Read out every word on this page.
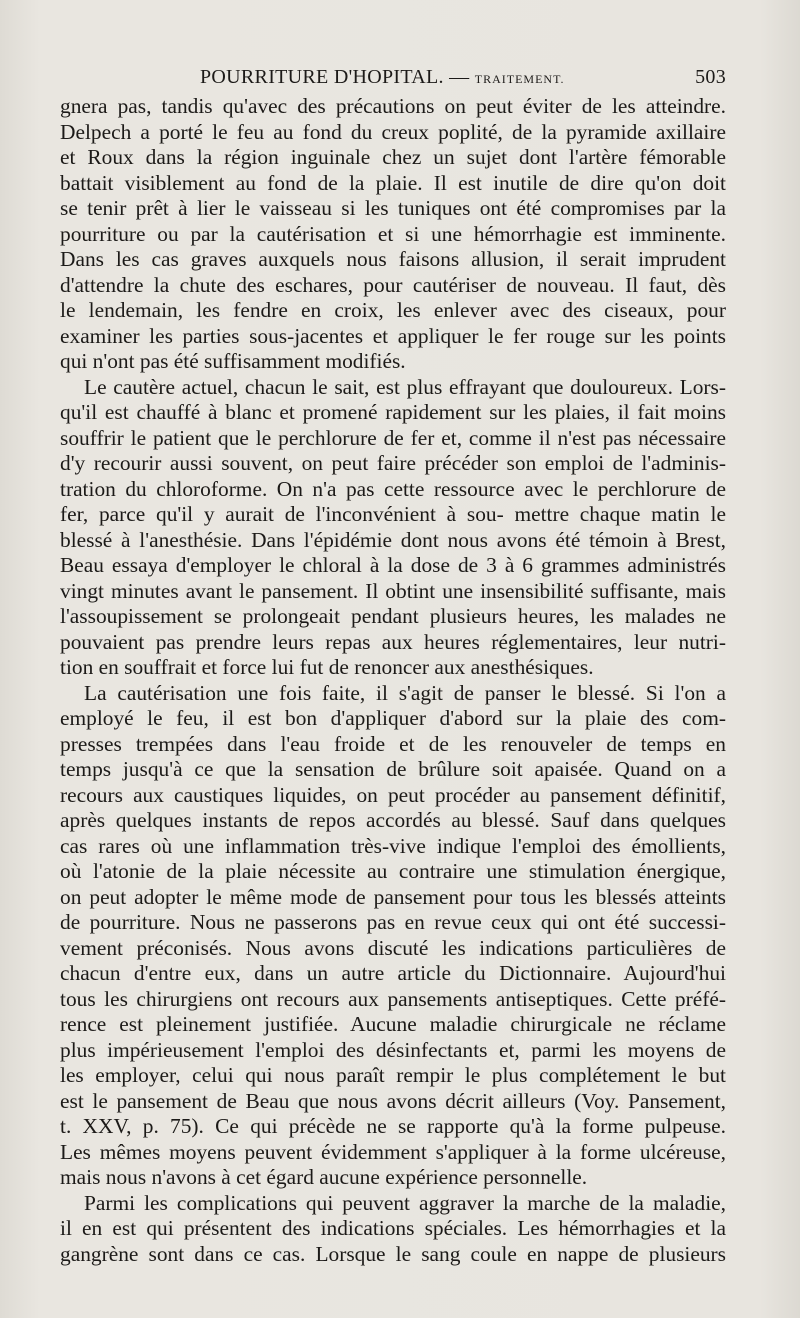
POURRITURE D'HOPITAL. — TRAITEMENT.	503

gnera pas, tandis qu'avec des précautions on peut éviter de les atteindre.
Delpech a porté le feu au fond du creux poplité, de la pyramide axillaire
et Roux dans la région inguinale chez un sujet dont l'artère fémorable
battait visiblement au fond de la plaie. Il est inutile de dire qu'on doit
se tenir prêt à lier le vaisseau si les tuniques ont été compromises par la
pourriture ou par la cautérisation et si une hémorrhagie est imminente.
Dans les cas graves auxquels nous faisons allusion, il serait imprudent
d'attendre la chute des eschares, pour cautériser de nouveau. Il faut, dès
le lendemain, les fendre en croix, les enlever avec des ciseaux, pour
examiner les parties sous-jacentes et appliquer le fer rouge sur les points
qui n'ont pas été suffisamment modifiés.

Le cautère actuel, chacun le sait, est plus effrayant que douloureux. Lors-
qu'il est chauffé à blanc et promené rapidement sur les plaies, il fait moins
souffrir le patient que le perchlorure de fer et, comme il n'est pas nécessaire
d'y recourir aussi souvent, on peut faire précéder son emploi de l'adminis-
tration du chloroforme. On n'a pas cette ressource avec le perchlorure de
fer, parce qu'il y aurait de l'inconvénient à sou- mettre chaque matin le
blessé à l'anesthésie. Dans l'épidémie dont nous avons été témoin à Brest,
Beau essaya d'employer le chloral à la dose de 3 à 6 grammes administrés
vingt minutes avant le pansement. Il obtint une insensibilité suffisante, mais
l'assoupissement se prolongeait pendant plusieurs heures, les malades ne
pouvaient pas prendre leurs repas aux heures réglementaires, leur nutri-
tion en souffrait et force lui fut de renoncer aux anesthésiques.

La cautérisation une fois faite, il s'agit de panser le blessé. Si l'on a
employé le feu, il est bon d'appliquer d'abord sur la plaie des com-
presses trempées dans l'eau froide et de les renouveler de temps en
temps jusqu'à ce que la sensation de brûlure soit apaisée. Quand on a
recours aux caustiques liquides, on peut procéder au pansement définitif,
après quelques instants de repos accordés au blessé. Sauf dans quelques
cas rares où une inflammation très-vive indique l'emploi des émollients,
où l'atonie de la plaie nécessite au contraire une stimulation énergique,
on peut adopter le même mode de pansement pour tous les blessés atteints
de pourriture. Nous ne passerons pas en revue ceux qui ont été successi-
vement préconisés. Nous avons discuté les indications particulières de
chacun d'entre eux, dans un autre article du Dictionnaire. Aujourd'hui
tous les chirurgiens ont recours aux pansements antiseptiques. Cette préfé-
rence est pleinement justifiée. Aucune maladie chirurgicale ne réclame
plus impérieusement l'emploi des désinfectants et, parmi les moyens de
les employer, celui qui nous paraît rempir le plus complétement le but
est le pansement de Beau que nous avons décrit ailleurs (Voy. Pansement,
t. XXV, p. 75). Ce qui précède ne se rapporte qu'à la forme pulpeuse.
Les mêmes moyens peuvent évidemment s'appliquer à la forme ulcéreuse,
mais nous n'avons à cet égard aucune expérience personnelle.

Parmi les complications qui peuvent aggraver la marche de la maladie,
il en est qui présentent des indications spéciales. Les hémorrhagies et la
gangrène sont dans ce cas. Lorsque le sang coule en nappe de plusieurs
